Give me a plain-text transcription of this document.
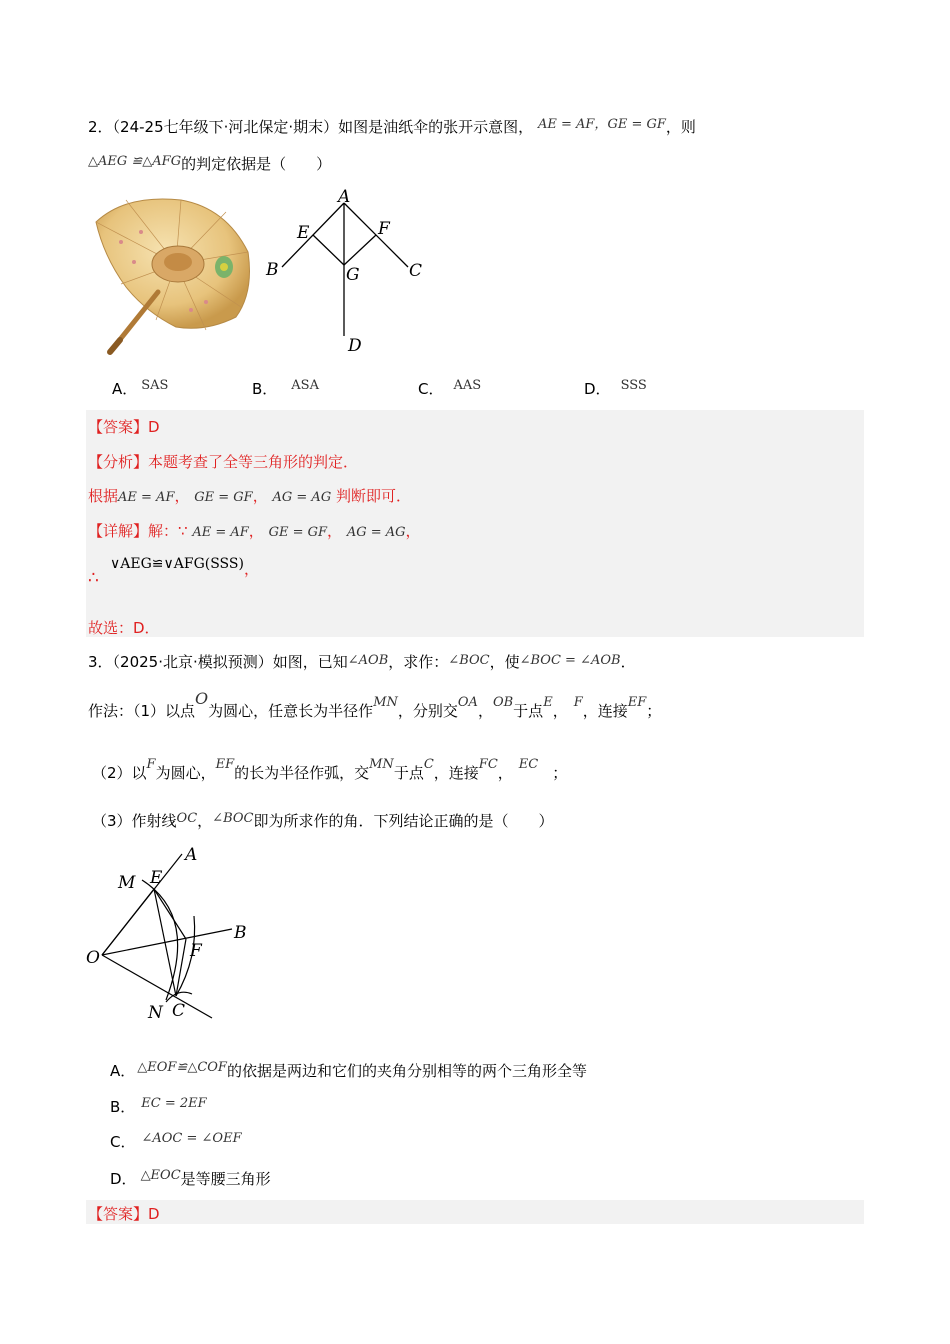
2．（24-25七年级下·河北保定·期末）如图是油纸伞的张开示意图， AE = AF，GE = GF，则
△AEG ≌△AFG的判定依据是（　　）
A
E	F
B	C
G
D
A． SAS	B． ASA	C． AAS	D． SSS
【答案】D
【分析】本题考查了全等三角形的判定．
根据AE = AF， GE = GF， AG = AG 判断即可．
【详解】解：∵ AE = AF， GE = GF， AG = AG，
∨AEG≌∨AFG(SSS)，
∴
故选：D．
3．（2025·北京·模拟预测）如图，已知∠AOB，求作：∠BOC，使∠BOC = ∠AOB．
作法：（1）以点O为圆心，任意长为半径作MN，分别交OA，OB于点E， F，连接EF；
（2）以F为圆心，EF的长为半径作弧，交MN于点C，连接FC， EC ；
（3）作射线OC，∠BOC即为所求作的角．下列结论正确的是（　　）
A
M E
B
F
O
N C
A． △EOF≌△COF的依据是两边和它们的夹角分别相等的两个三角形全等
B． EC = 2EF
C． ∠AOC = ∠OEF
D． △EOC是等腰三角形
【答案】D
